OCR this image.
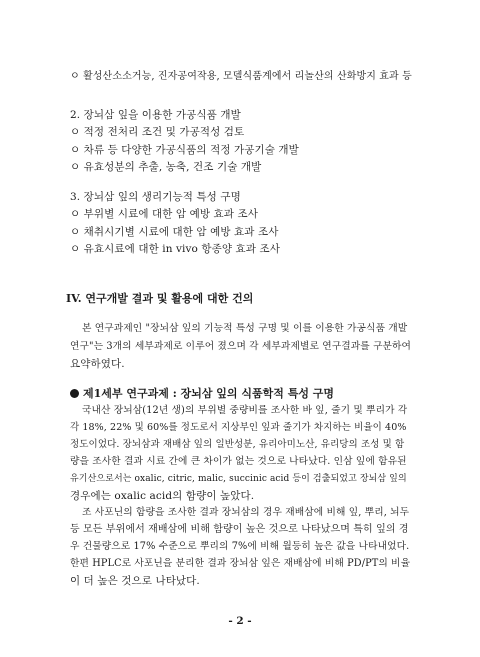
ㅇ 활성산소소거능, 진자공여작용, 모델식품계에서 리놀산의 산화방지 효과 등
2. 장뇌삼 잎을 이용한 가공식품 개발
ㅇ 적정 전처리 조건 및 가공적성 검토
ㅇ 차류 등 다양한 가공식품의 적정 가공기술 개발
ㅇ 유효성분의 추출, 농축, 건조 기술 개발
3. 장뇌삼 잎의 생리기능적 특성 구명
ㅇ 부위별 시료에 대한 암 예방 효과 조사
ㅇ 채취시기별 시료에 대한 암 예방 효과 조사
ㅇ 유효시료에 대한 in vivo 항종양 효과 조사
IV. 연구개발 결과 및 활용에 대한 건의
본 연구과제인 "장뇌삼 잎의 기능적 특성 구명 및 이를 이용한 가공식품 개발
연구"는 3개의 세부과제로 이루어 졌으며 각 세부과제별로 연구결과를 구분하여
요약하였다.
제1세부 연구과제 : 장뇌삼 잎의 식품학적 특성 구명
국내산 장뇌삼(12년 생)의 부위별 중량비를 조사한 바 잎, 줄기 및 뿌리가 각
각 18%, 22% 및 60%를 정도로서 지상부인 잎과 줄기가 차지하는 비율이 40%
정도이었다. 장뇌삼과 재배삼 잎의 일반성분, 유리아미노산, 유리당의 조성 및 함
량을 조사한 결과 시료 간에 큰 차이가 없는 것으로 나타났다. 인삼 잎에 함유된
유기산으로서는 oxalic, citric, malic, succinic acid 등이 검출되었고 장뇌삼 잎의
경우에는 oxalic acid의 함량이 높았다.
조 사포닌의 함량을 조사한 결과 장뇌삼의 경우 재배삼에 비해 잎, 뿌리, 뇌두
등 모든 부위에서 재배삼에 비해 함량이 높은 것으로 나타났으며 특히 잎의 경
우 건물량으로 17% 수준으로 뿌리의 7%에 비해 월등히 높은 값을 나타내었다.
한편 HPLC로 사포닌을 분리한 결과 장뇌삼 잎은 재배삼에 비해 PD/PT의 비율
이 더 높은 것으로 나타났다.
- 2 -
